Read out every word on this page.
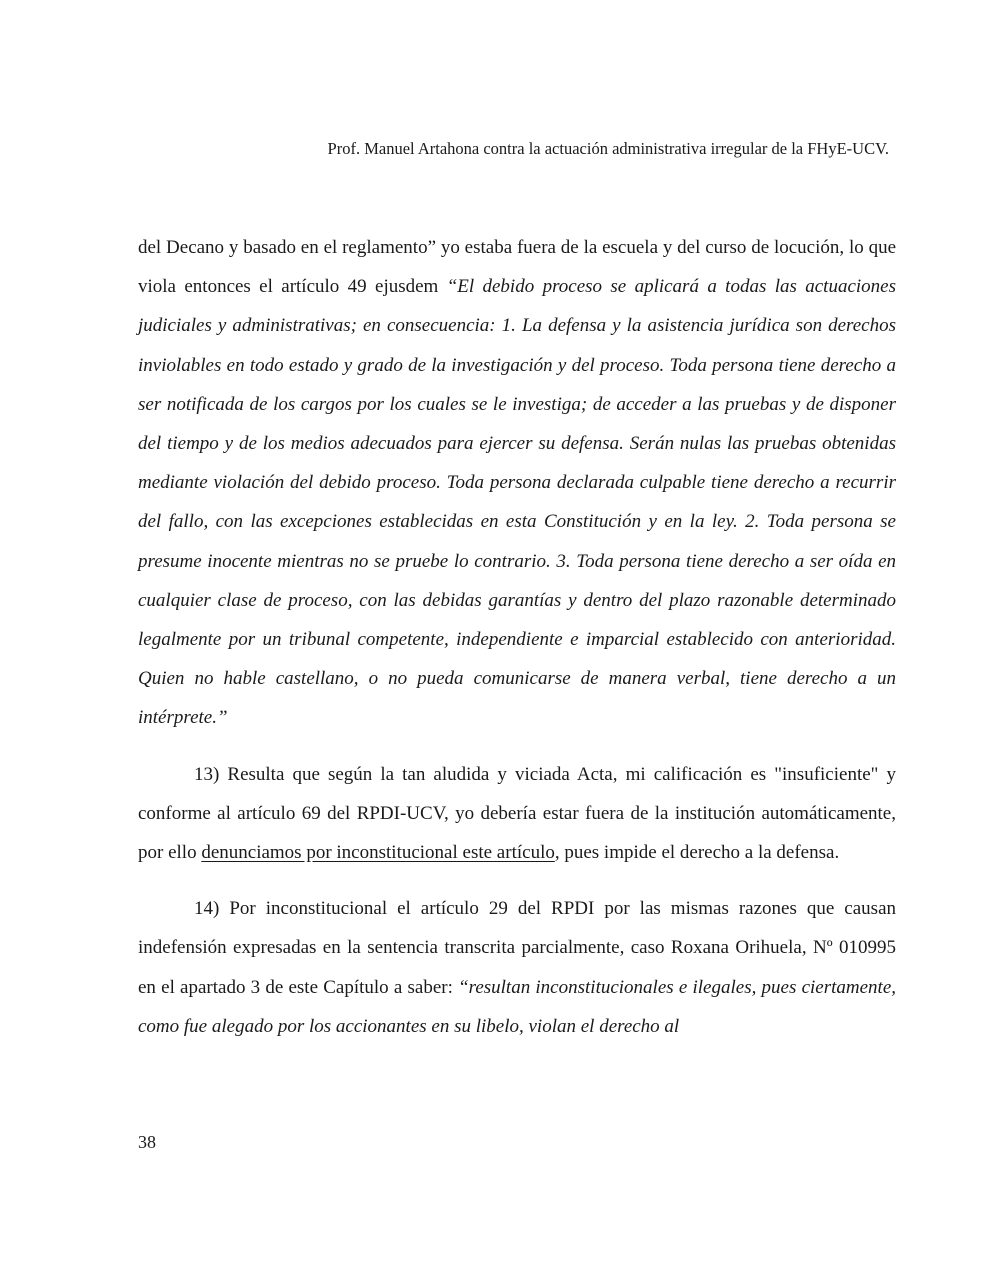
Prof. Manuel Artahona contra la actuación administrativa irregular de la FHyE-UCV.

del Decano y basado en el reglamento” yo estaba fuera de la escuela y del curso de locución, lo que viola entonces el artículo 49 ejusdem “El debido proceso se aplicará a todas las actuaciones judiciales y administrativas; en consecuencia: 1. La defensa y la asistencia jurídica son derechos inviolables en todo estado y grado de la investigación y del proceso. Toda persona tiene derecho a ser notificada de los cargos por los cuales se le investiga; de acceder a las pruebas y de disponer del tiempo y de los medios adecuados para ejercer su defensa. Serán nulas las pruebas obtenidas mediante violación del debido proceso. Toda persona declarada culpable tiene derecho a recurrir del fallo, con las excepciones establecidas en esta Constitución y en la ley. 2. Toda persona se presume inocente mientras no se pruebe lo contrario. 3. Toda persona tiene derecho a ser oída en cualquier clase de proceso, con las debidas garantías y dentro del plazo razonable determinado legalmente por un tribunal competente, independiente e imparcial establecido con anterioridad. Quien no hable castellano, o no pueda comunicarse de manera verbal, tiene derecho a un intérprete.”

13) Resulta que según la tan aludida y viciada Acta, mi calificación es "insuficiente" y conforme al artículo 69 del RPDI-UCV, yo debería estar fuera de la institución automáticamente, por ello denunciamos por inconstitucional este artículo, pues impide el derecho a la defensa.

14) Por inconstitucional el artículo 29 del RPDI por las mismas razones que causan indefensión expresadas en la sentencia transcrita parcialmente, caso Roxana Orihuela, Nº 010995 en el apartado 3 de este Capítulo a saber: “resultan inconstitucionales e ilegales, pues ciertamente, como fue alegado por los accionantes en su libelo, violan el derecho al

38
